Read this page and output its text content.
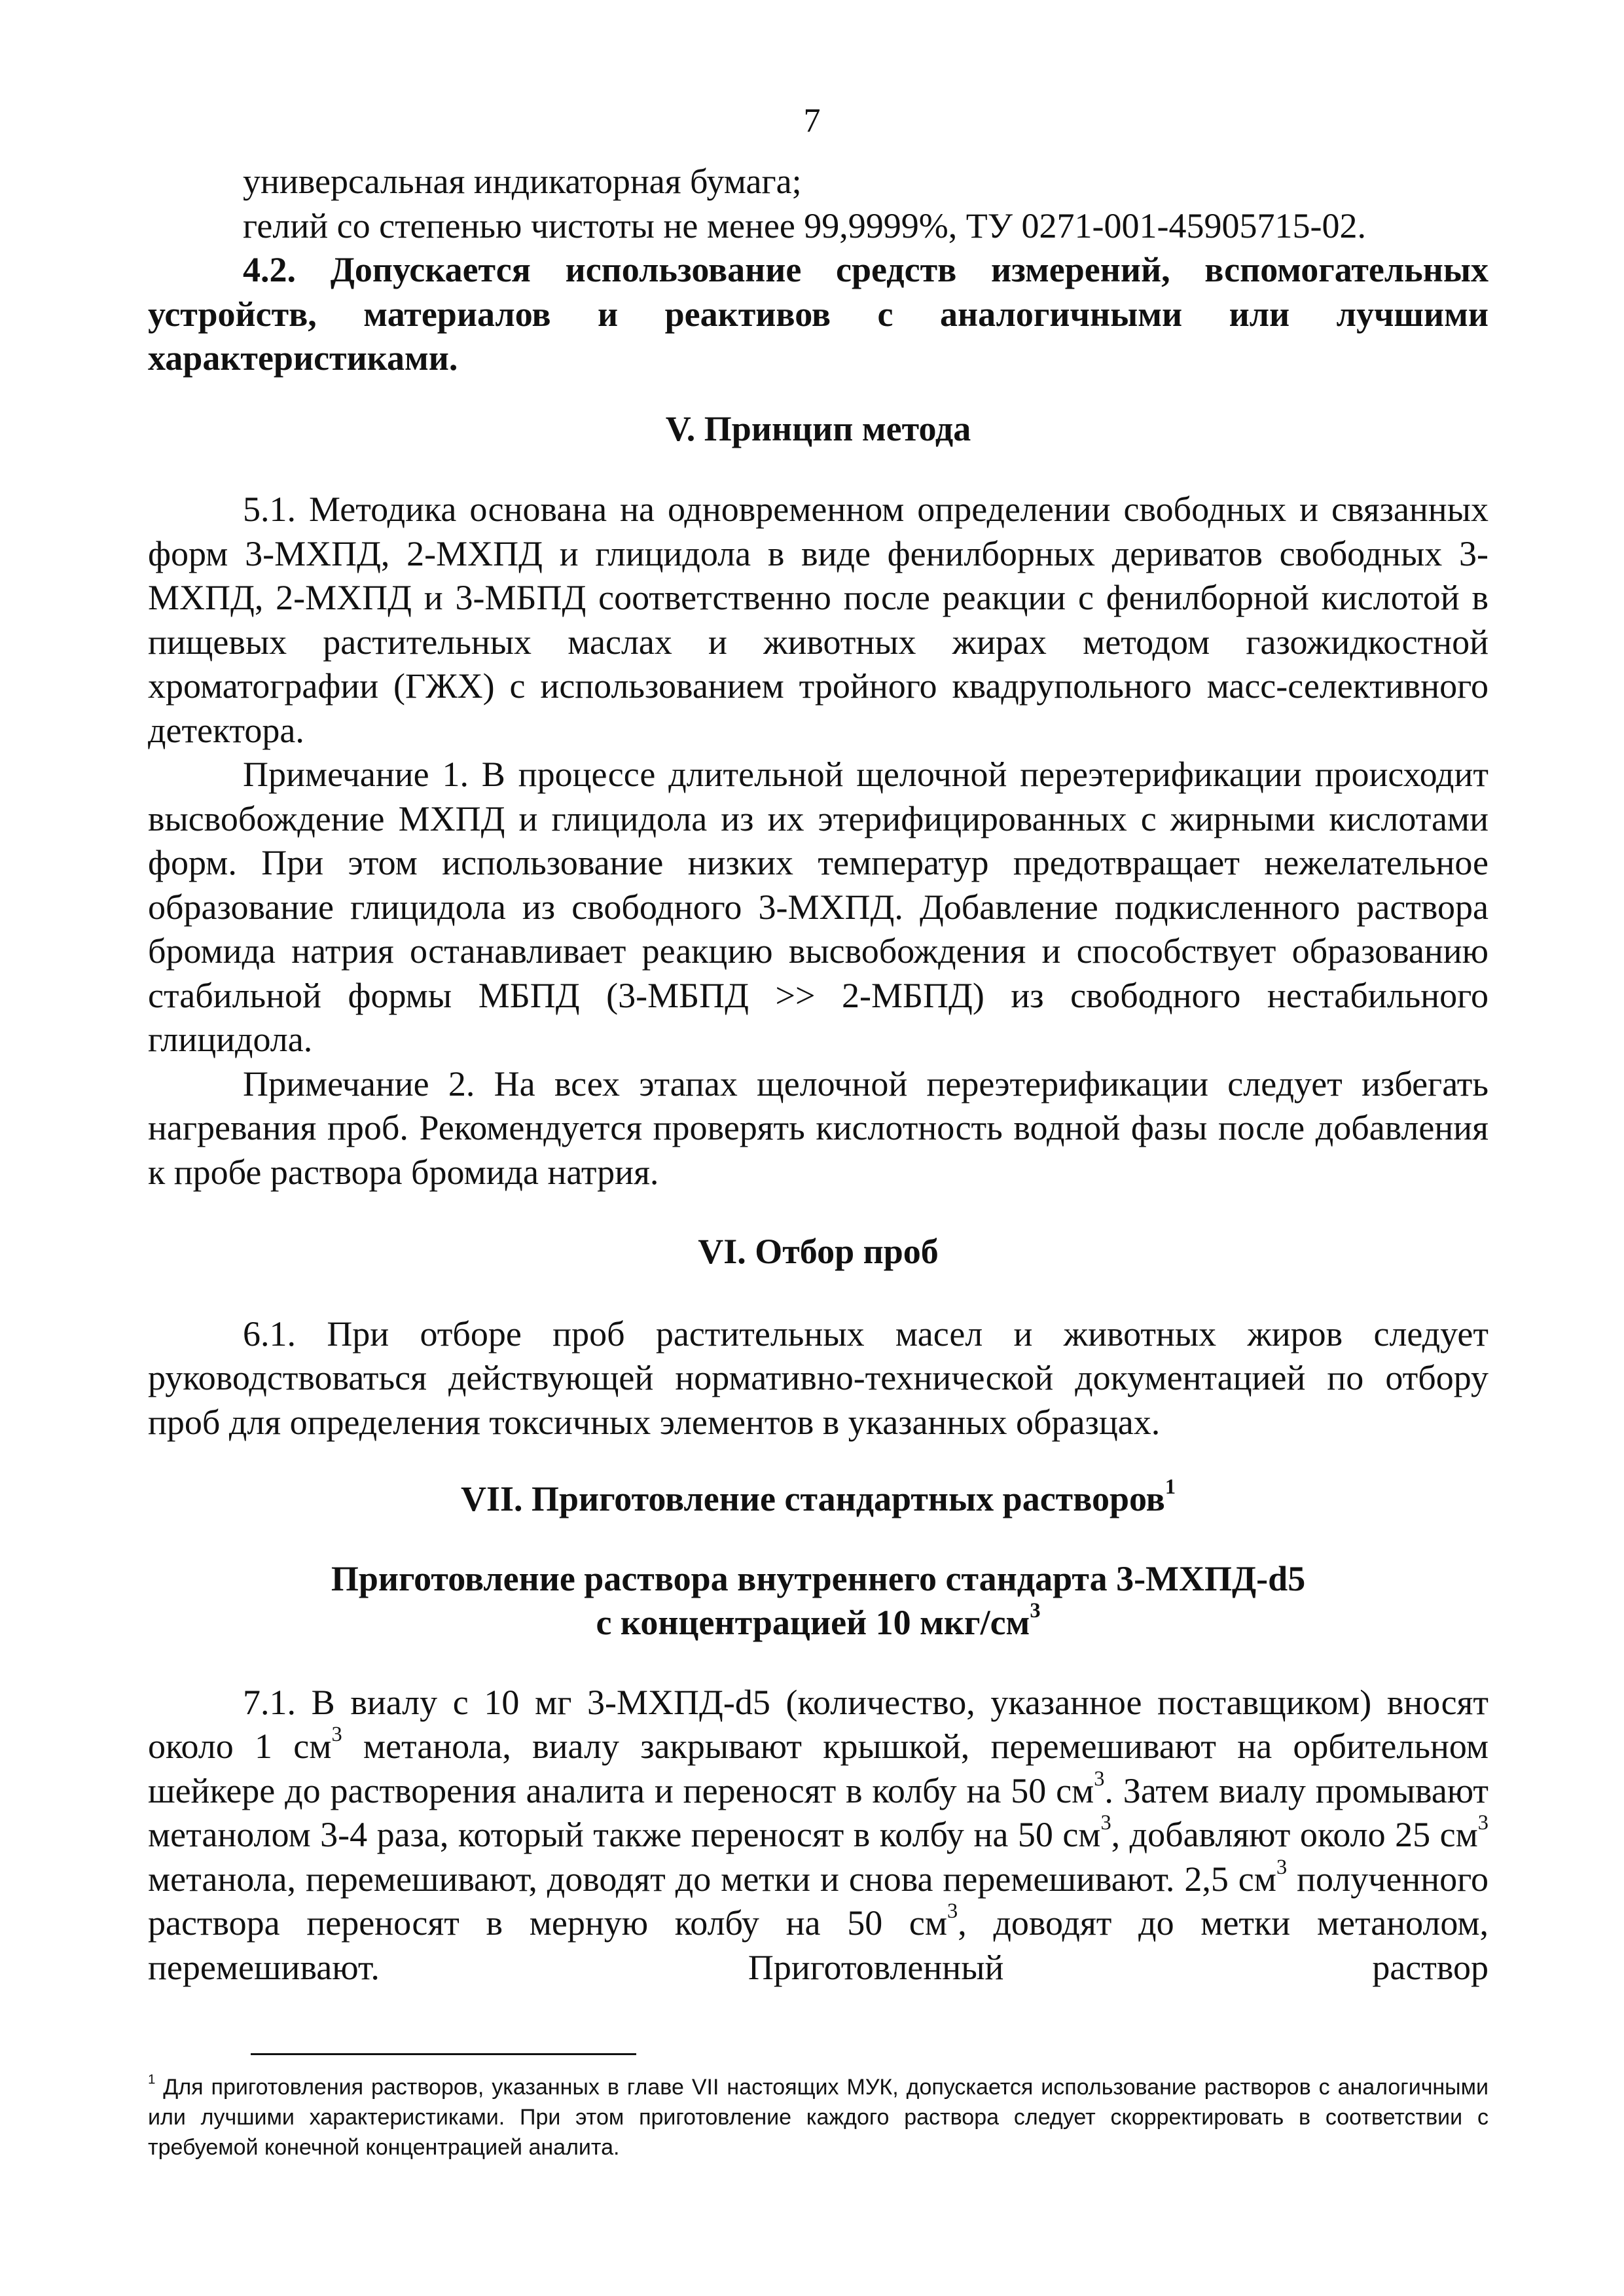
7

универсальная индикаторная бумага;

гелий со степенью чистоты не менее 99,9999%, ТУ 0271-001-45905715-02.

4.2. Допускается использование средств измерений, вспомогательных устройств, материалов и реактивов с аналогичными или лучшими характеристиками.

V. Принцип метода

5.1. Методика основана на одновременном определении свободных и связанных форм 3-МХПД, 2-МХПД и глицидола в виде фенилборных дериватов свободных 3-МХПД, 2-МХПД и 3-МБПД соответственно после реакции с фенилборной кислотой в пищевых растительных маслах и животных жирах методом газожидкостной хроматографии (ГЖХ) с использованием тройного квадрупольного масс-селективного детектора.

Примечание 1. В процессе длительной щелочной переэтерификации происходит высвобождение МХПД и глицидола из их этерифицированных с жирными кислотами форм. При этом использование низких температур предотвращает нежелательное образование глицидола из свободного 3-МХПД. Добавление подкисленного раствора бромида натрия останавливает реакцию высвобождения и способствует образованию стабильной формы МБПД (3-МБПД >> 2-МБПД) из свободного нестабильного глицидола.

Примечание 2. На всех этапах щелочной переэтерификации следует избегать нагревания проб. Рекомендуется проверять кислотность водной фазы после добавления к пробе раствора бромида натрия.

VI. Отбор проб

6.1. При отборе проб растительных масел и животных жиров следует руководствоваться действующей нормативно-технической документацией по отбору проб для определения токсичных элементов в указанных образцах.

VII. Приготовление стандартных растворов$^1$

Приготовление раствора внутреннего стандарта 3-МХПД-d5
с концентрацией 10 мкг/$см^3$

7.1. В виалу с 10 мг 3-МХПД-d5 (количество, указанное поставщиком) вносят около 1 $см^3$ метанола, виалу закрывают крышкой, перемешивают на орбительном шейкере до растворения аналита и переносят в колбу на 50 $см^3$. Затем виалу промывают метанолом 3-4 раза, который также переносят в колбу на 50 $см^3$, добавляют около 25 $см^3$ метанола, перемешивают, доводят до метки и снова перемешивают. 2,5 $см^3$ полученного раствора переносят в мерную колбу на 50 $см^3$, доводят до метки метанолом, перемешивают. Приготовленный раствор

$^1$ Для приготовления растворов, указанных в главе VII настоящих МУК, допускается использование растворов с аналогичными или лучшими характеристиками. При этом приготовление каждого раствора следует скорректировать в соответствии с требуемой конечной концентрацией аналита.
